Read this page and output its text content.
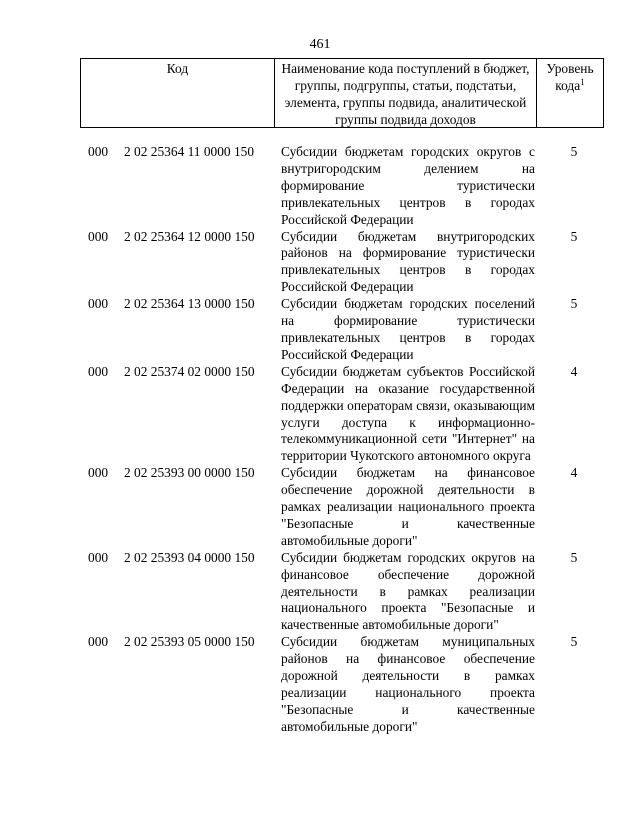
461
Код	Наименование кода поступлений в бюджет, группы, подгруппы, статьи, подстатьи, элемента, группы подвида, аналитической группы подвида доходов
Уровень кода$^1$
000 2 02 25364 11 0000 150 Субсидии бюджетам городских округов с внутригородским делением на формирование туристически привлекательных центров в городах Российской Федерации
5
000 2 02 25364 12 0000 150 Субсидии бюджетам внутригородских районов на формирование туристически привлекательных центров в городах Российской Федерации
5
000 2 02 25364 13 0000 150 Субсидии бюджетам городских поселений на формирование туристически привлекательных центров в городах Российской Федерации
5
000 2 02 25374 02 0000 150 Субсидии бюджетам субъектов Российской Федерации на оказание государственной поддержки операторам связи, оказывающим услуги доступа к информационно-телекоммуникационной сети "Интернет" на территории Чукотского автономного округа
4
000 2 02 25393 00 0000 150 Субсидии бюджетам на финансовое обеспечение дорожной деятельности в рамках реализации национального проекта "Безопасные и качественные автомобильные дороги"
4
000 2 02 25393 04 0000 150 Субсидии бюджетам городских округов на финансовое обеспечение дорожной деятельности в рамках реализации национального проекта "Безопасные и качественные автомобильные дороги"
5
000 2 02 25393 05 0000 150 Субсидии бюджетам муниципальных районов на финансовое обеспечение дорожной деятельности в рамках реализации национального проекта "Безопасные и качественные автомобильные дороги"
5
